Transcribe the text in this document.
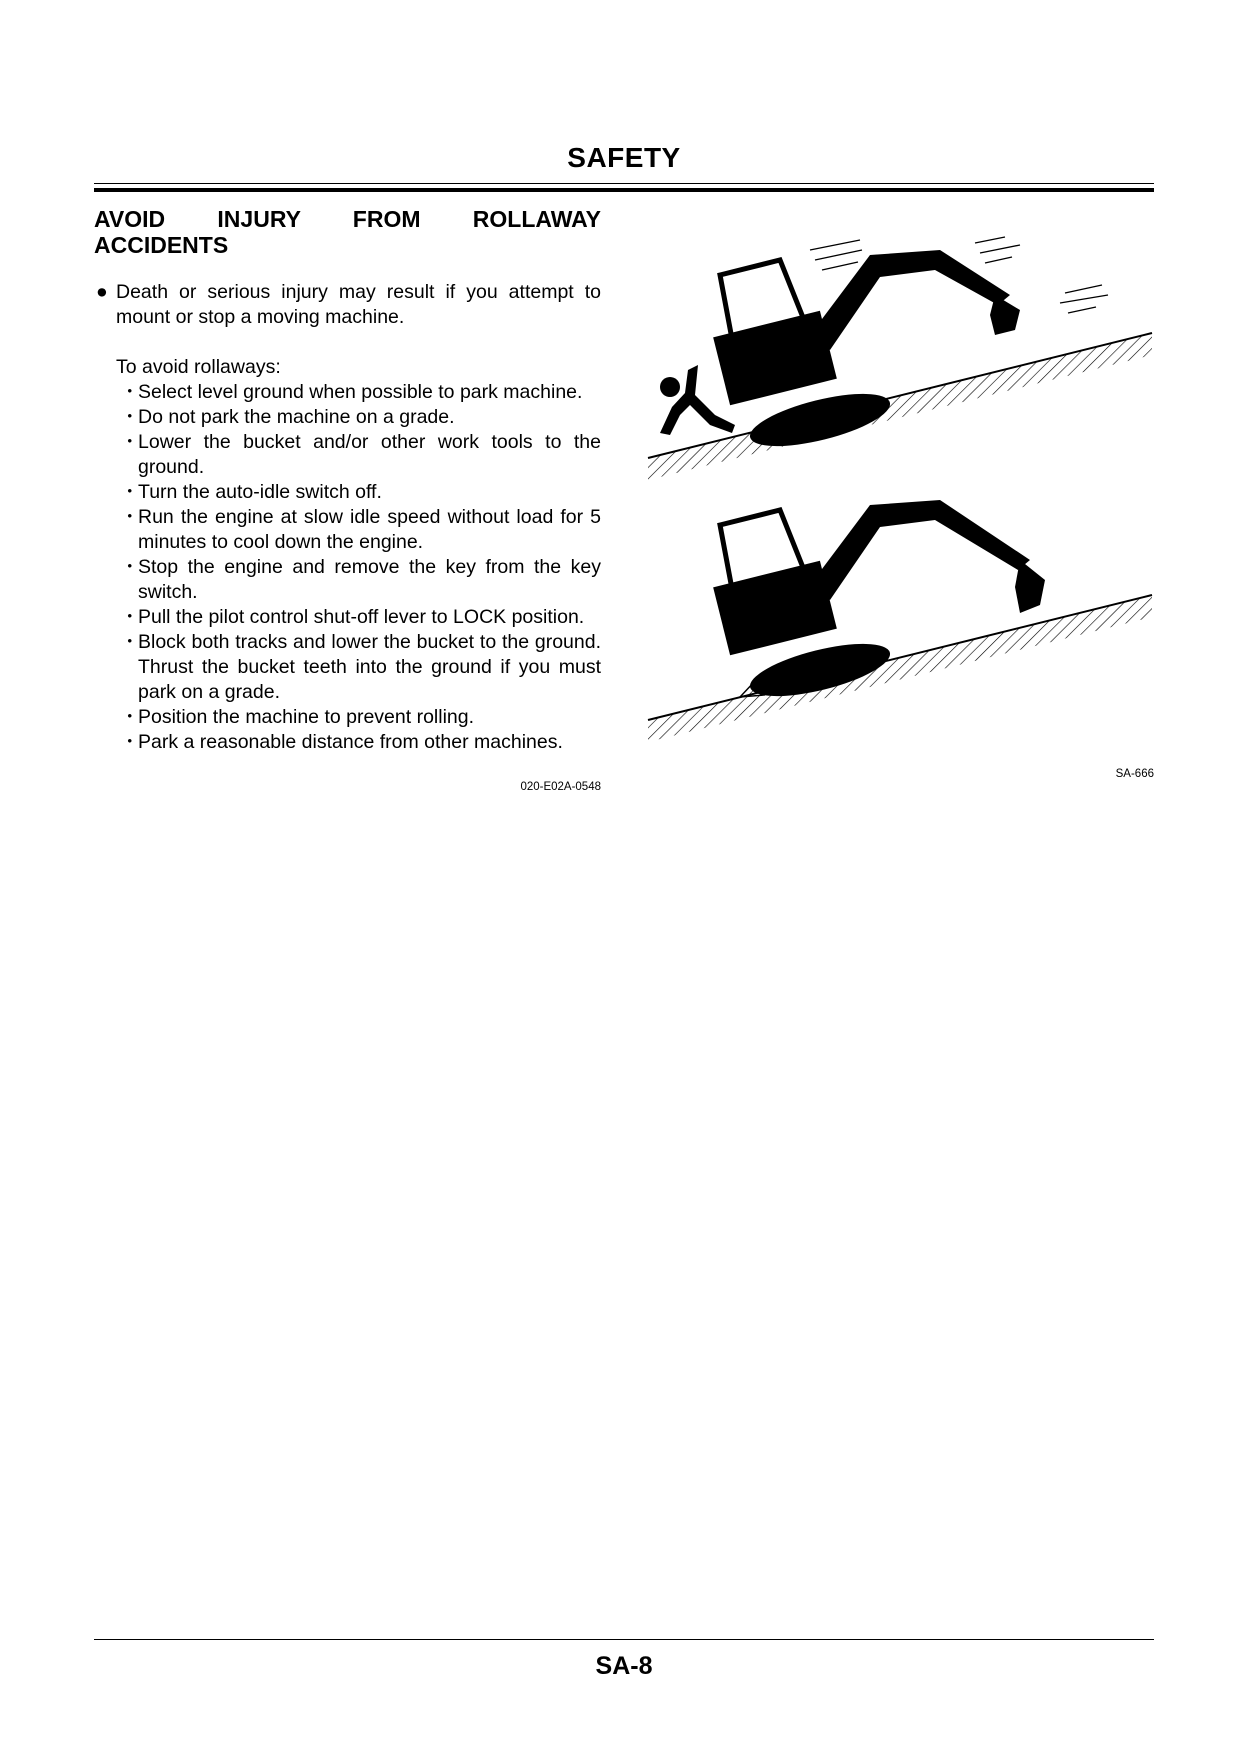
SAFETY
AVOID INJURY FROM ROLLAWAY
ACCIDENTS
● Death or serious injury may result if you attempt to mount or stop a moving machine.
To avoid rollaways:
・
Select level ground when possible to park machine.
・
Do not park the machine on a grade.
・
Lower the bucket and/or other work tools to the ground.
・
Turn the auto-idle switch off.
・
Run the engine at slow idle speed without load for 5 minutes to cool down the engine.
・
Stop the engine and remove the key from the key switch.
・
Pull the pilot control shut-off lever to LOCK position.
・
Block both tracks and lower the bucket to the ground. Thrust the bucket teeth into the ground if you must park on a grade.
・
Position the machine to prevent rolling.
・
Park a reasonable distance from other machines.
020-E02A-0548
SA-666
SA-8
